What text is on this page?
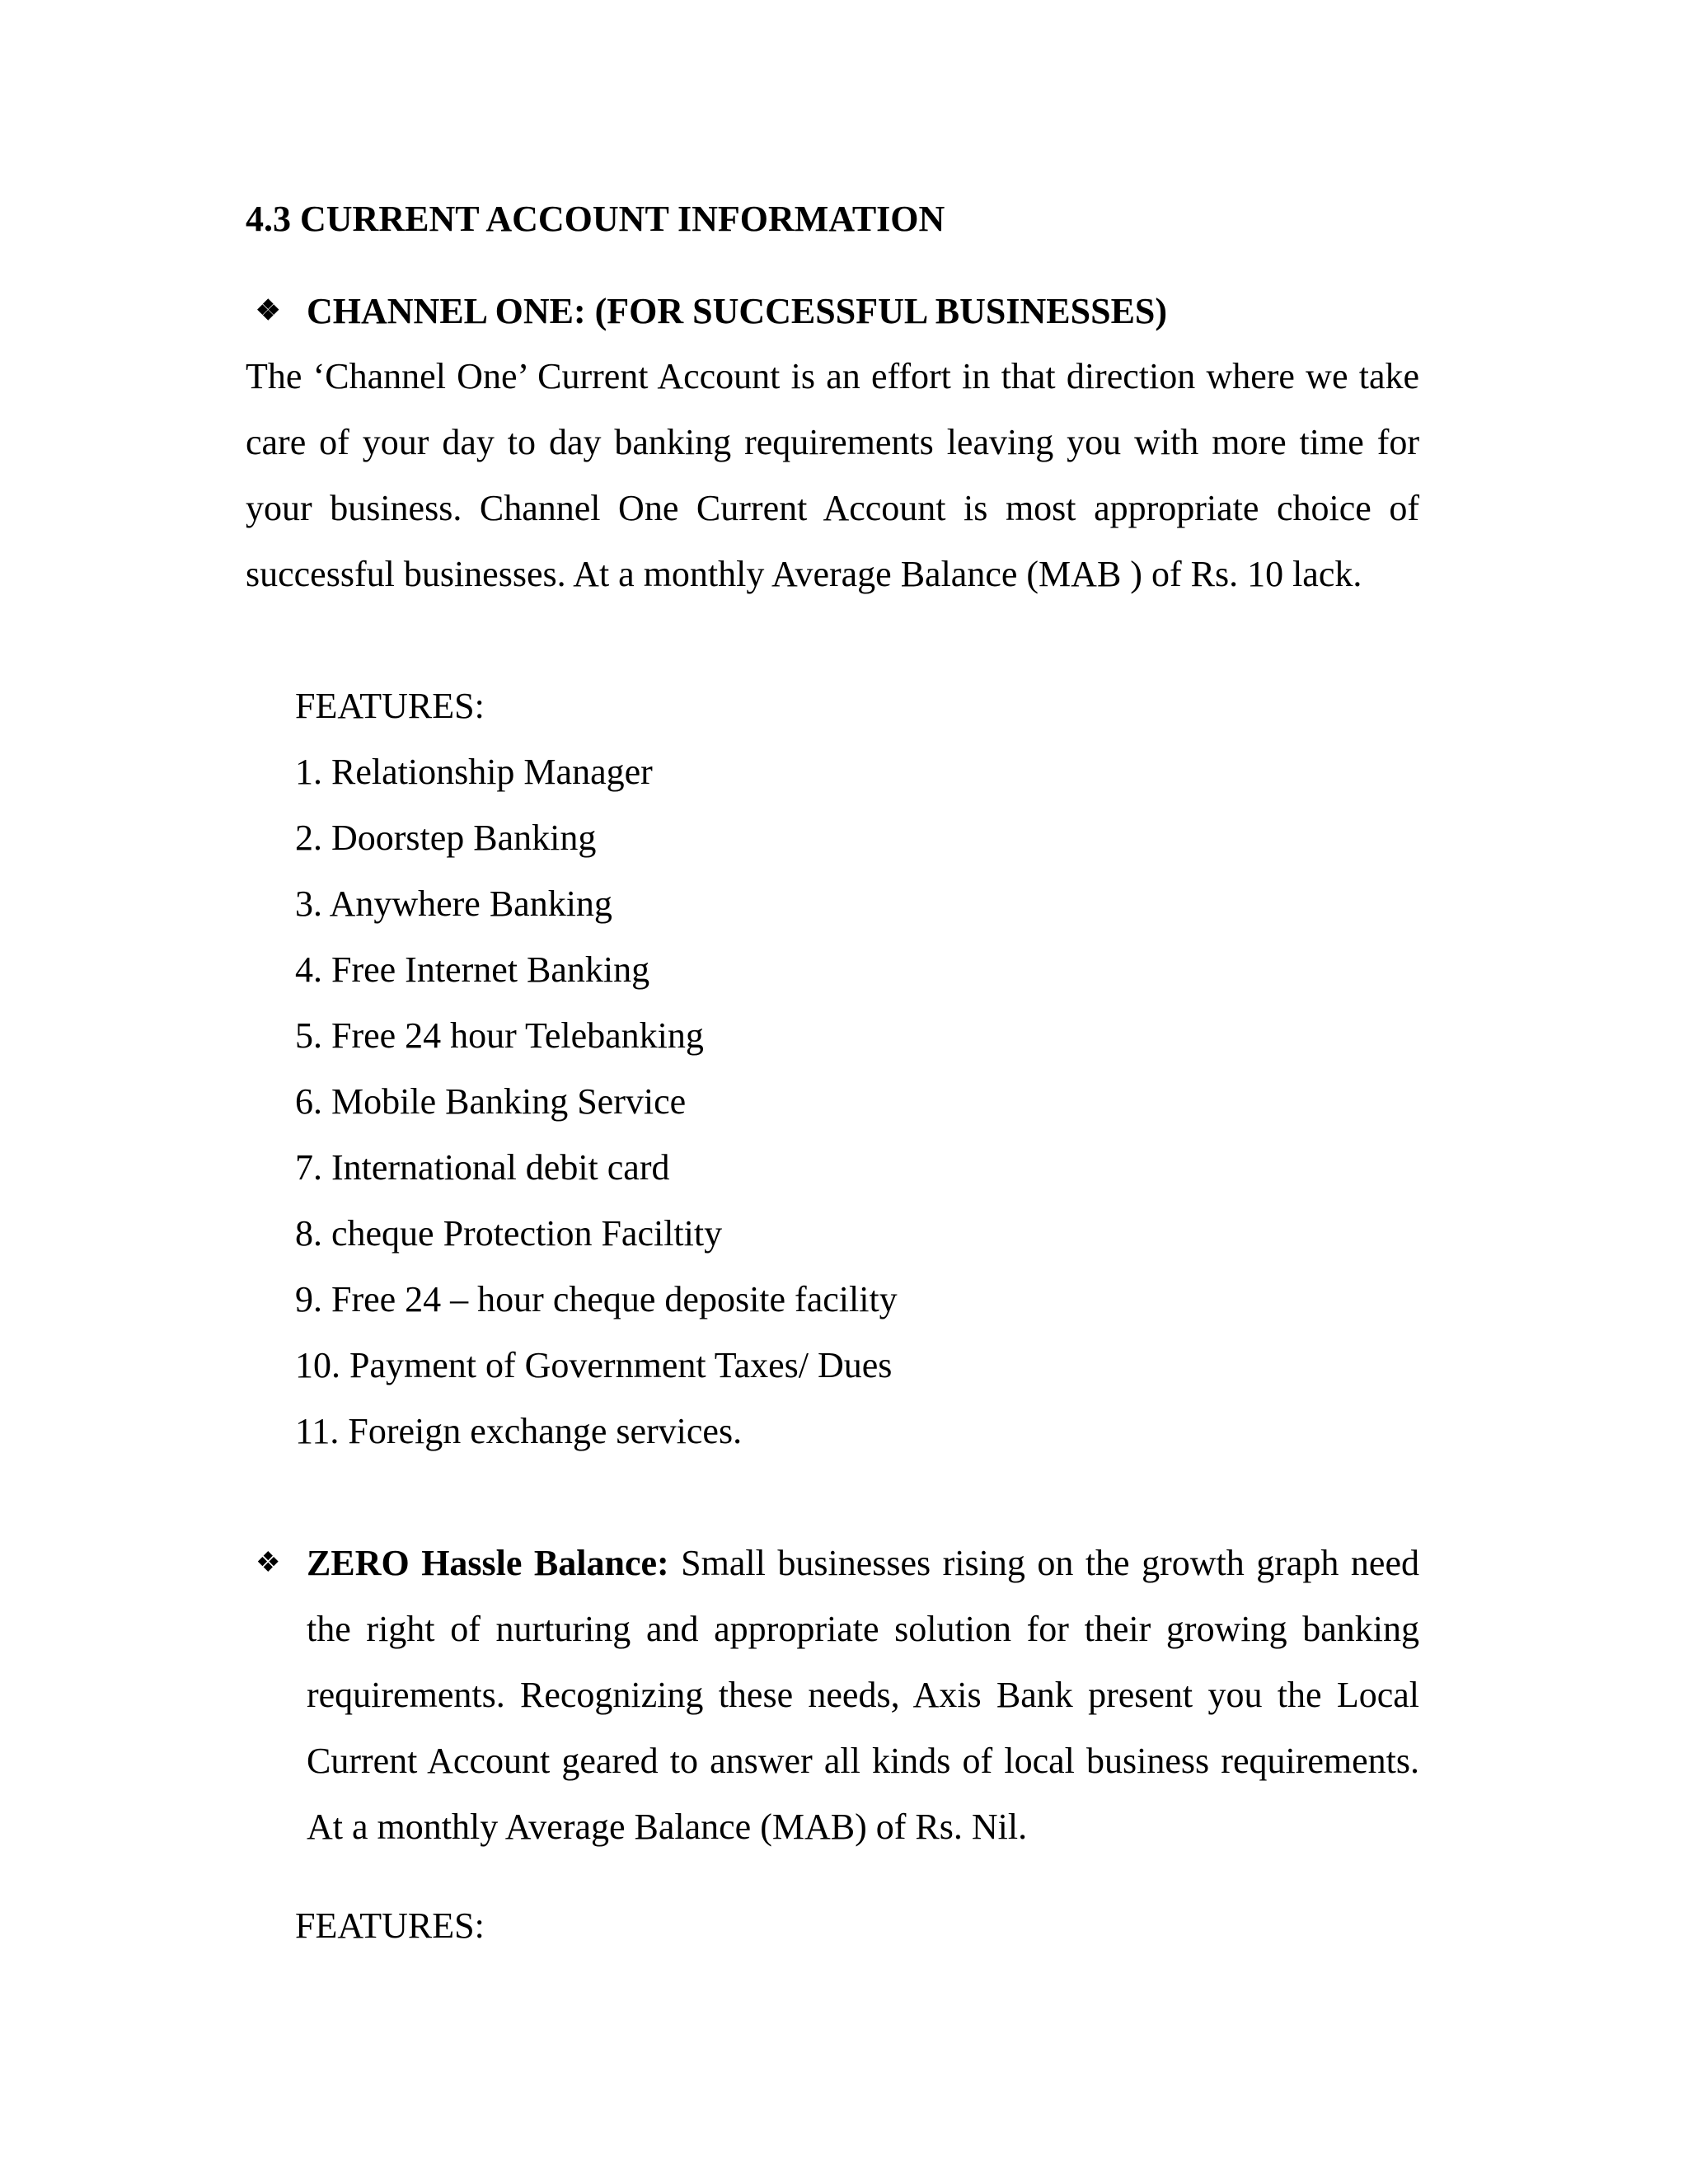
4.3 CURRENT ACCOUNT INFORMATION
❖ CHANNEL ONE: (FOR SUCCESSFUL BUSINESSES)

The ‘Channel One’ Current Account is an effort in that direction where we take care of your day to day banking requirements leaving you with more time for your business. Channel One Current Account is most appropriate choice of successful businesses. At a monthly Average Balance (MAB ) of Rs. 10 lack.

FEATURES:
1. Relationship Manager
2. Doorstep Banking
3. Anywhere Banking
4. Free Internet Banking
5. Free 24 hour Telebanking
6. Mobile Banking Service
7. International debit card
8. cheque Protection Faciltity
9. Free 24 – hour cheque deposite facility
10. Payment of Government Taxes/ Dues
11. Foreign exchange services.
❖ ZERO Hassle Balance: Small businesses rising on the growth graph need the right of nurturing and appropriate solution for their growing banking requirements. Recognizing these needs, Axis Bank present you the Local Current Account geared to answer all kinds of local business requirements. At a monthly Average Balance (MAB) of Rs. Nil.
FEATURES:
